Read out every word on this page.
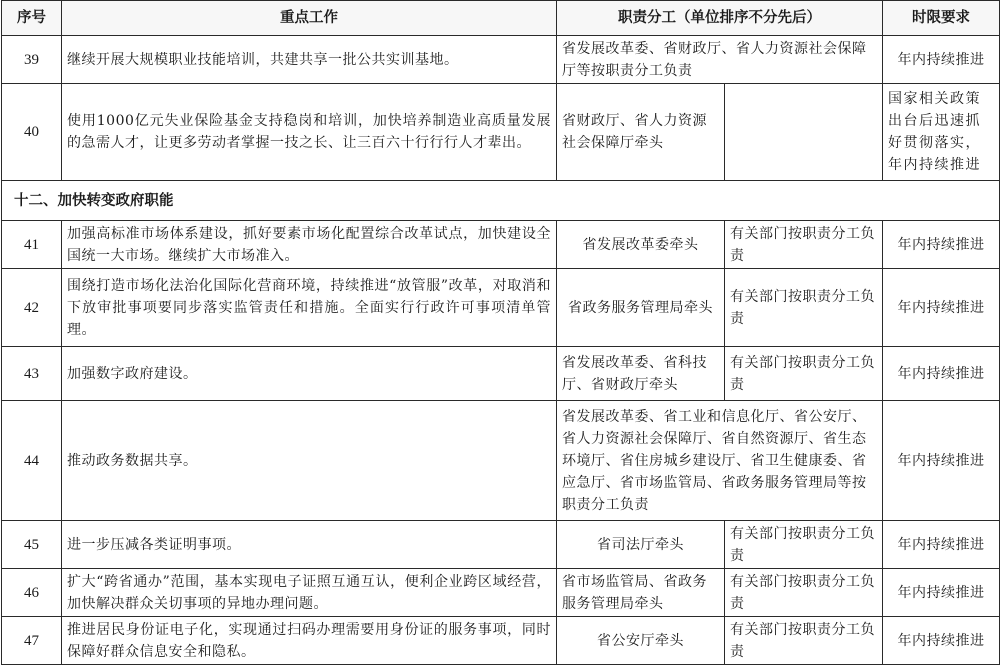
序号	重点工作	职责分工（单位排序不分先后）		时限要求
39	继续开展大规模职业技能培训，共建共享一批公共实训基地。	省发展改革委、省财政厅、省人力资源社会保障厅等按职责分工负责		年内持续推进
40	使用1000亿元失业保险基金支持稳岗和培训，加快培养制造业高质量发展的急需人才，让更多劳动者掌握一技之长、让三百六十行行行人才辈出。	省财政厅、省人力资源社会保障厅牵头		国家相关政策出台后迅速抓好贯彻落实，年内持续推进
十二、加快转变政府职能				
41	加强高标准市场体系建设，抓好要素市场化配置综合改革试点，加快建设全国统一大市场。继续扩大市场准入。	省发展改革委牵头	有关部门按职责分工负责	年内持续推进
42	围绕打造市场化法治化国际化营商环境，持续推进“放管服”改革，对取消和下放审批事项要同步落实监管责任和措施。全面实行行政许可事项清单管理。	省政务服务管理局牵头	有关部门按职责分工负责	年内持续推进
43	加强数字政府建设。	省发展改革委、省科技厅、省财政厅牵头	有关部门按职责分工负责	年内持续推进
44	推动政务数据共享。	省发展改革委、省工业和信息化厅、省公安厅、省人力资源社会保障厅、省自然资源厅、省生态环境厅、省住房城乡建设厅、省卫生健康委、省应急厅、省市场监管局、省政务服务管理局等按职责分工负责		年内持续推进
45	进一步压减各类证明事项。	省司法厅牵头	有关部门按职责分工负责	年内持续推进
46	扩大“跨省通办”范围，基本实现电子证照互通互认，便利企业跨区域经营，加快解决群众关切事项的异地办理问题。	省市场监管局、省政务服务管理局牵头	有关部门按职责分工负责	年内持续推进
47	推进居民身份证电子化，实现通过扫码办理需要用身份证的服务事项，同时保障好群众信息安全和隐私。	省公安厅牵头	有关部门按职责分工负责	年内持续推进
